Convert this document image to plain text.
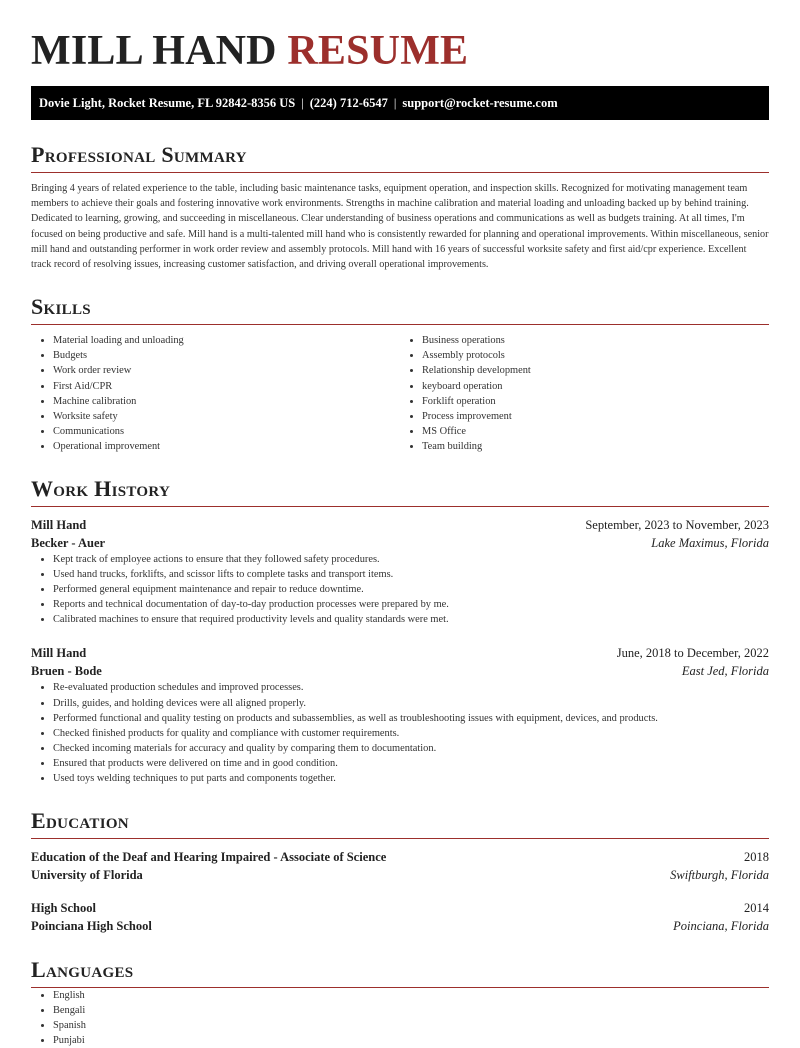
MILL HAND RESUME
Dovie Light, Rocket Resume, FL 92842-8356 US | (224) 712-6547 | support@rocket-resume.com
Professional Summary

Bringing 4 years of related experience to the table, including basic maintenance tasks, equipment operation, and inspection skills. Recognized for motivating management team members to achieve their goals and fostering innovative work environments. Strengths in machine calibration and material loading and unloading backed up by behind training. Dedicated to learning, growing, and succeeding in miscellaneous. Clear understanding of business operations and communications as well as budgets training. At all times, I'm focused on being productive and safe. Mill hand is a multi-talented mill hand who is consistently rewarded for planning and operational improvements. Within miscellaneous, senior mill hand and outstanding performer in work order review and assembly protocols. Mill hand with 16 years of successful worksite safety and first aid/cpr experience. Excellent track record of resolving issues, increasing customer satisfaction, and driving overall operational improvements.

Skills
• Material loading and unloading
• Budgets
• Work order review
• First Aid/CPR
• Machine calibration
• Worksite safety
• Communications
• Operational improvement
• Business operations
• Assembly protocols
• Relationship development
• keyboard operation
• Forklift operation
• Process improvement
• MS Office
• Team building
Work History
Mill Hand	September, 2023 to November, 2023
Becker - Auer	Lake Maximus, Florida
• Kept track of employee actions to ensure that they followed safety procedures.
• Used hand trucks, forklifts, and scissor lifts to complete tasks and transport items.
• Performed general equipment maintenance and repair to reduce downtime.
• Reports and technical documentation of day-to-day production processes were prepared by me.
• Calibrated machines to ensure that required productivity levels and quality standards were met.
Mill Hand	June, 2018 to December, 2022
Bruen - Bode	East Jed, Florida
• Re-evaluated production schedules and improved processes.
• Drills, guides, and holding devices were all aligned properly.
• Performed functional and quality testing on products and subassemblies, as well as troubleshooting issues with equipment, devices, and products.
• Checked finished products for quality and compliance with customer requirements.
• Checked incoming materials for accuracy and quality by comparing them to documentation.
• Ensured that products were delivered on time and in good condition.
• Used toys welding techniques to put parts and components together.
Education
Education of the Deaf and Hearing Impaired - Associate of Science	2018
University of Florida	Swiftburgh, Florida
High School	2014
Poinciana High School	Poinciana, Florida
Languages
• English
• Bengali
• Spanish
• Punjabi
